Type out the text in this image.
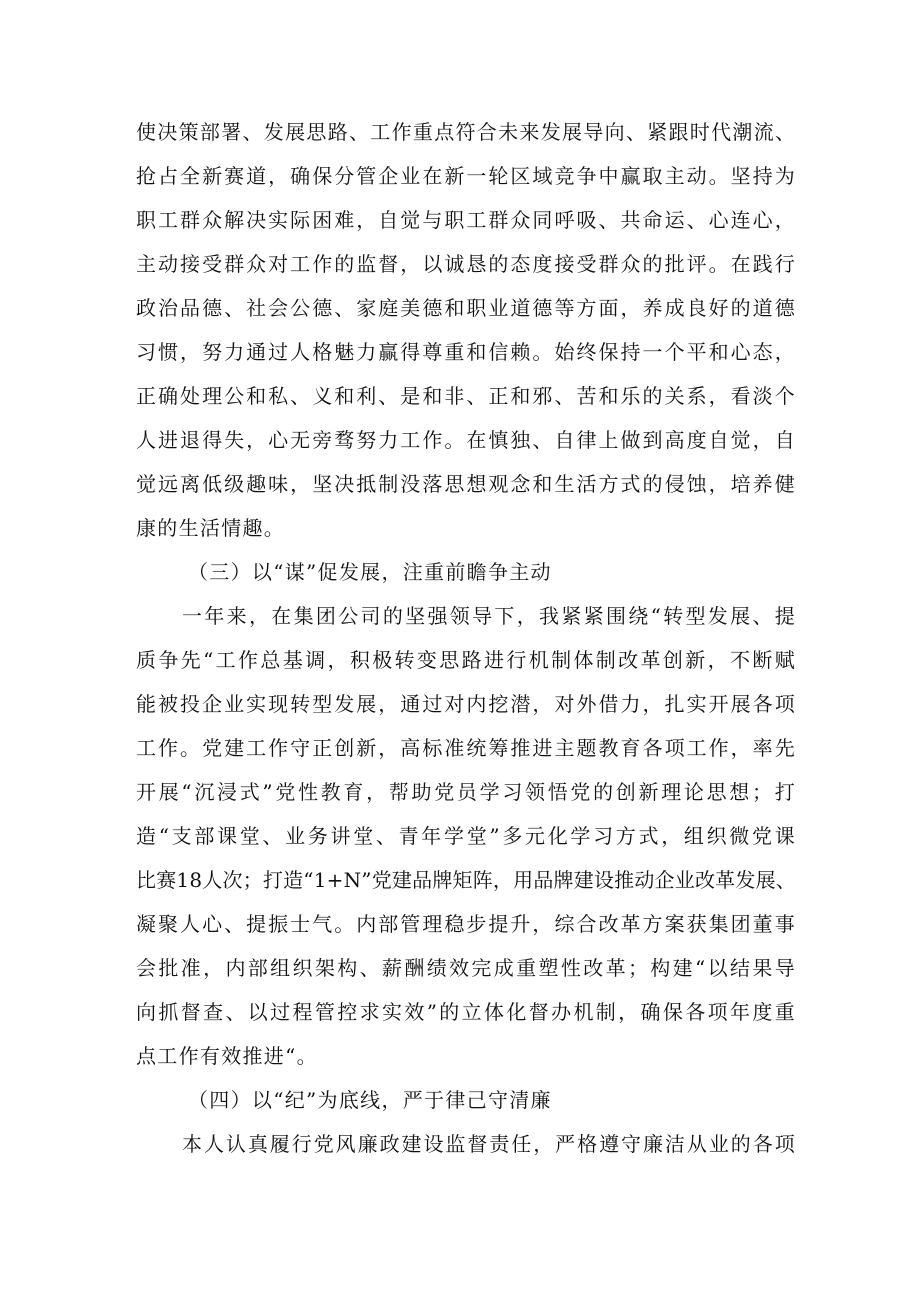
使决策部署、发展思路、工作重点符合未来发展导向、紧跟时代潮流、
抢占全新赛道，确保分管企业在新一轮区域竞争中赢取主动。坚持为
职工群众解决实际困难，自觉与职工群众同呼吸、共命运、心连心，
主动接受群众对工作的监督，以诚恳的态度接受群众的批评。在践行
政治品德、社会公德、家庭美德和职业道德等方面，养成良好的道德
习惯，努力通过人格魅力赢得尊重和信赖。始终保持一个平和心态，
正确处理公和私、义和利、是和非、正和邪、苦和乐的关系，看淡个
人进退得失，心无旁骛努力工作。在慎独、自律上做到高度自觉，自
觉远离低级趣味，坚决抵制没落思想观念和生活方式的侵蚀，培养健
康的生活情趣。
（三）以“谋”促发展，注重前瞻争主动
一年来，在集团公司的坚强领导下，我紧紧围绕“转型发展、提
质争先“工作总基调，积极转变思路进行机制体制改革创新，不断赋
能被投企业实现转型发展，通过对内挖潜，对外借力，扎实开展各项
工作。党建工作守正创新，高标准统筹推进主题教育各项工作，率先
开展“沉浸式”党性教育，帮助党员学习领悟党的创新理论思想；打
造“支部课堂、业务讲堂、青年学堂”多元化学习方式，组织微党课
比赛18人次；打造“1+N”党建品牌矩阵，用品牌建设推动企业改革发展、
凝聚人心、提振士气。内部管理稳步提升，综合改革方案获集团董事
会批准，内部组织架构、薪酬绩效完成重塑性改革；构建“以结果导
向抓督查、以过程管控求实效”的立体化督办机制，确保各项年度重
点工作有效推进“。
（四）以“纪”为底线，严于律己守清廉
本人认真履行党风廉政建设监督责任，严格遵守廉洁从业的各项
